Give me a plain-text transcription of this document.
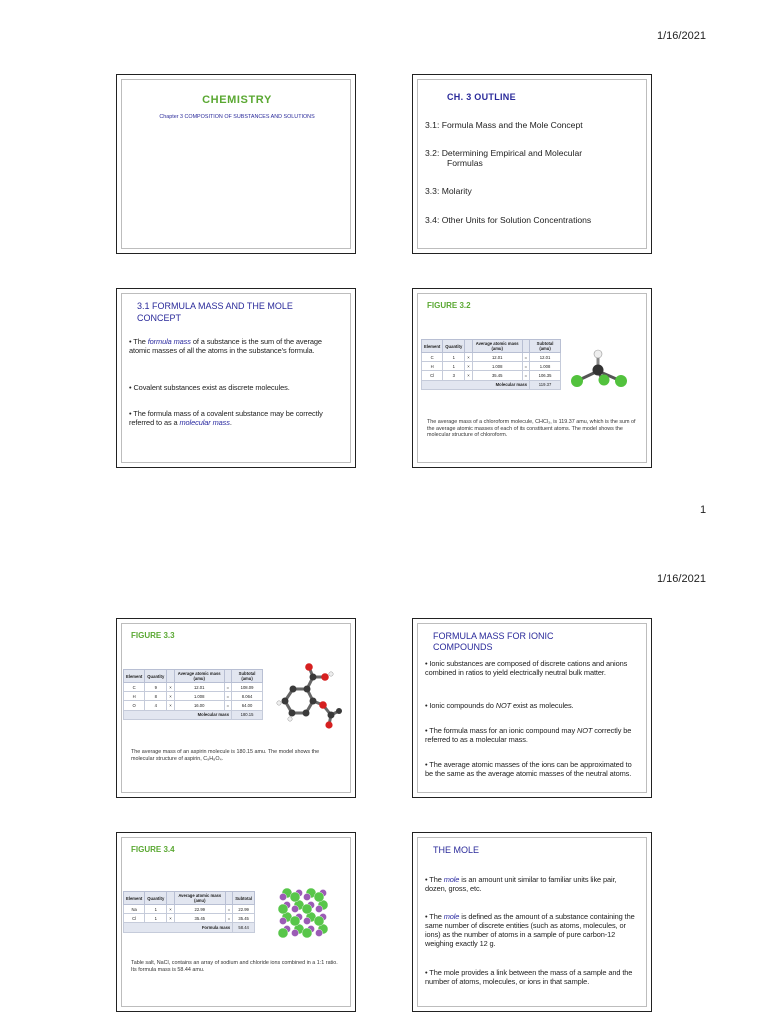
1/16/2021
1
1/16/2021
CHEMISTRY
Chapter 3 COMPOSITION OF SUBSTANCES AND SOLUTIONS
CH. 3 OUTLINE
3.1: Formula Mass and the Mole Concept
3.2: Determining Empirical and Molecular
Formulas
3.3: Molarity
3.4: Other Units for Solution Concentrations
3.1 FORMULA MASS AND THE MOLE
CONCEPT
• The formula mass of a substance is the sum of the average atomic masses of all the atoms in the substance’s formula.
• Covalent substances exist as discrete molecules.
• The formula mass of a covalent substance may be correctly referred to as a molecular mass.
FIGURE 3.2
Element	Quantity		Average atomic mass (amu)		Subtotal (amu)
C	1	×	12.01	=	12.01
H	1	×	1.008	=	1.008
Cl	3	×	35.45	=	106.35
Molecular mass					119.37
The average mass of a chloroform molecule, CHCl₃, is 119.37 amu, which is the sum of the average atomic masses of each of its constituent atoms. The model shows the molecular structure of chloroform.
FIGURE 3.3
Element	Quantity		Average atomic mass (amu)		Subtotal (amu)
C	9	×	12.01	=	108.09
H	8	×	1.008	=	8.064
O	4	×	16.00	=	64.00
Molecular mass					180.15
The average mass of an aspirin molecule is 180.15 amu. The model shows the molecular structure of aspirin, C₉H₈O₄.
FORMULA MASS FOR IONIC
COMPOUNDS
• Ionic substances are composed of discrete cations and anions combined in ratios to yield electrically neutral bulk matter.
• Ionic compounds do NOT exist as molecules.
• The formula mass for an ionic compound may NOT correctly be referred to as a molecular mass.
• The average atomic masses of the ions can be approximated to be the same as the average atomic masses of the neutral atoms.
FIGURE 3.4
Element	Quantity		Average atomic mass (amu)		Subtotal
Na	1	×	22.99	=	22.99
Cl	1	×	35.45	=	35.45
Formula mass					58.44
Table salt, NaCl, contains an array of sodium and chloride ions combined in a 1:1 ratio. Its formula mass is 58.44 amu.
THE MOLE
• The mole is an amount unit similar to familiar units like pair, dozen, gross, etc.
• The mole is defined as the amount of a substance containing the same number of discrete entities (such as atoms, molecules, or ions) as the number of atoms in a sample of pure carbon-12 weighing exactly 12 g.
• The mole provides a link between the mass of a sample and the number of atoms, molecules, or ions in that sample.
